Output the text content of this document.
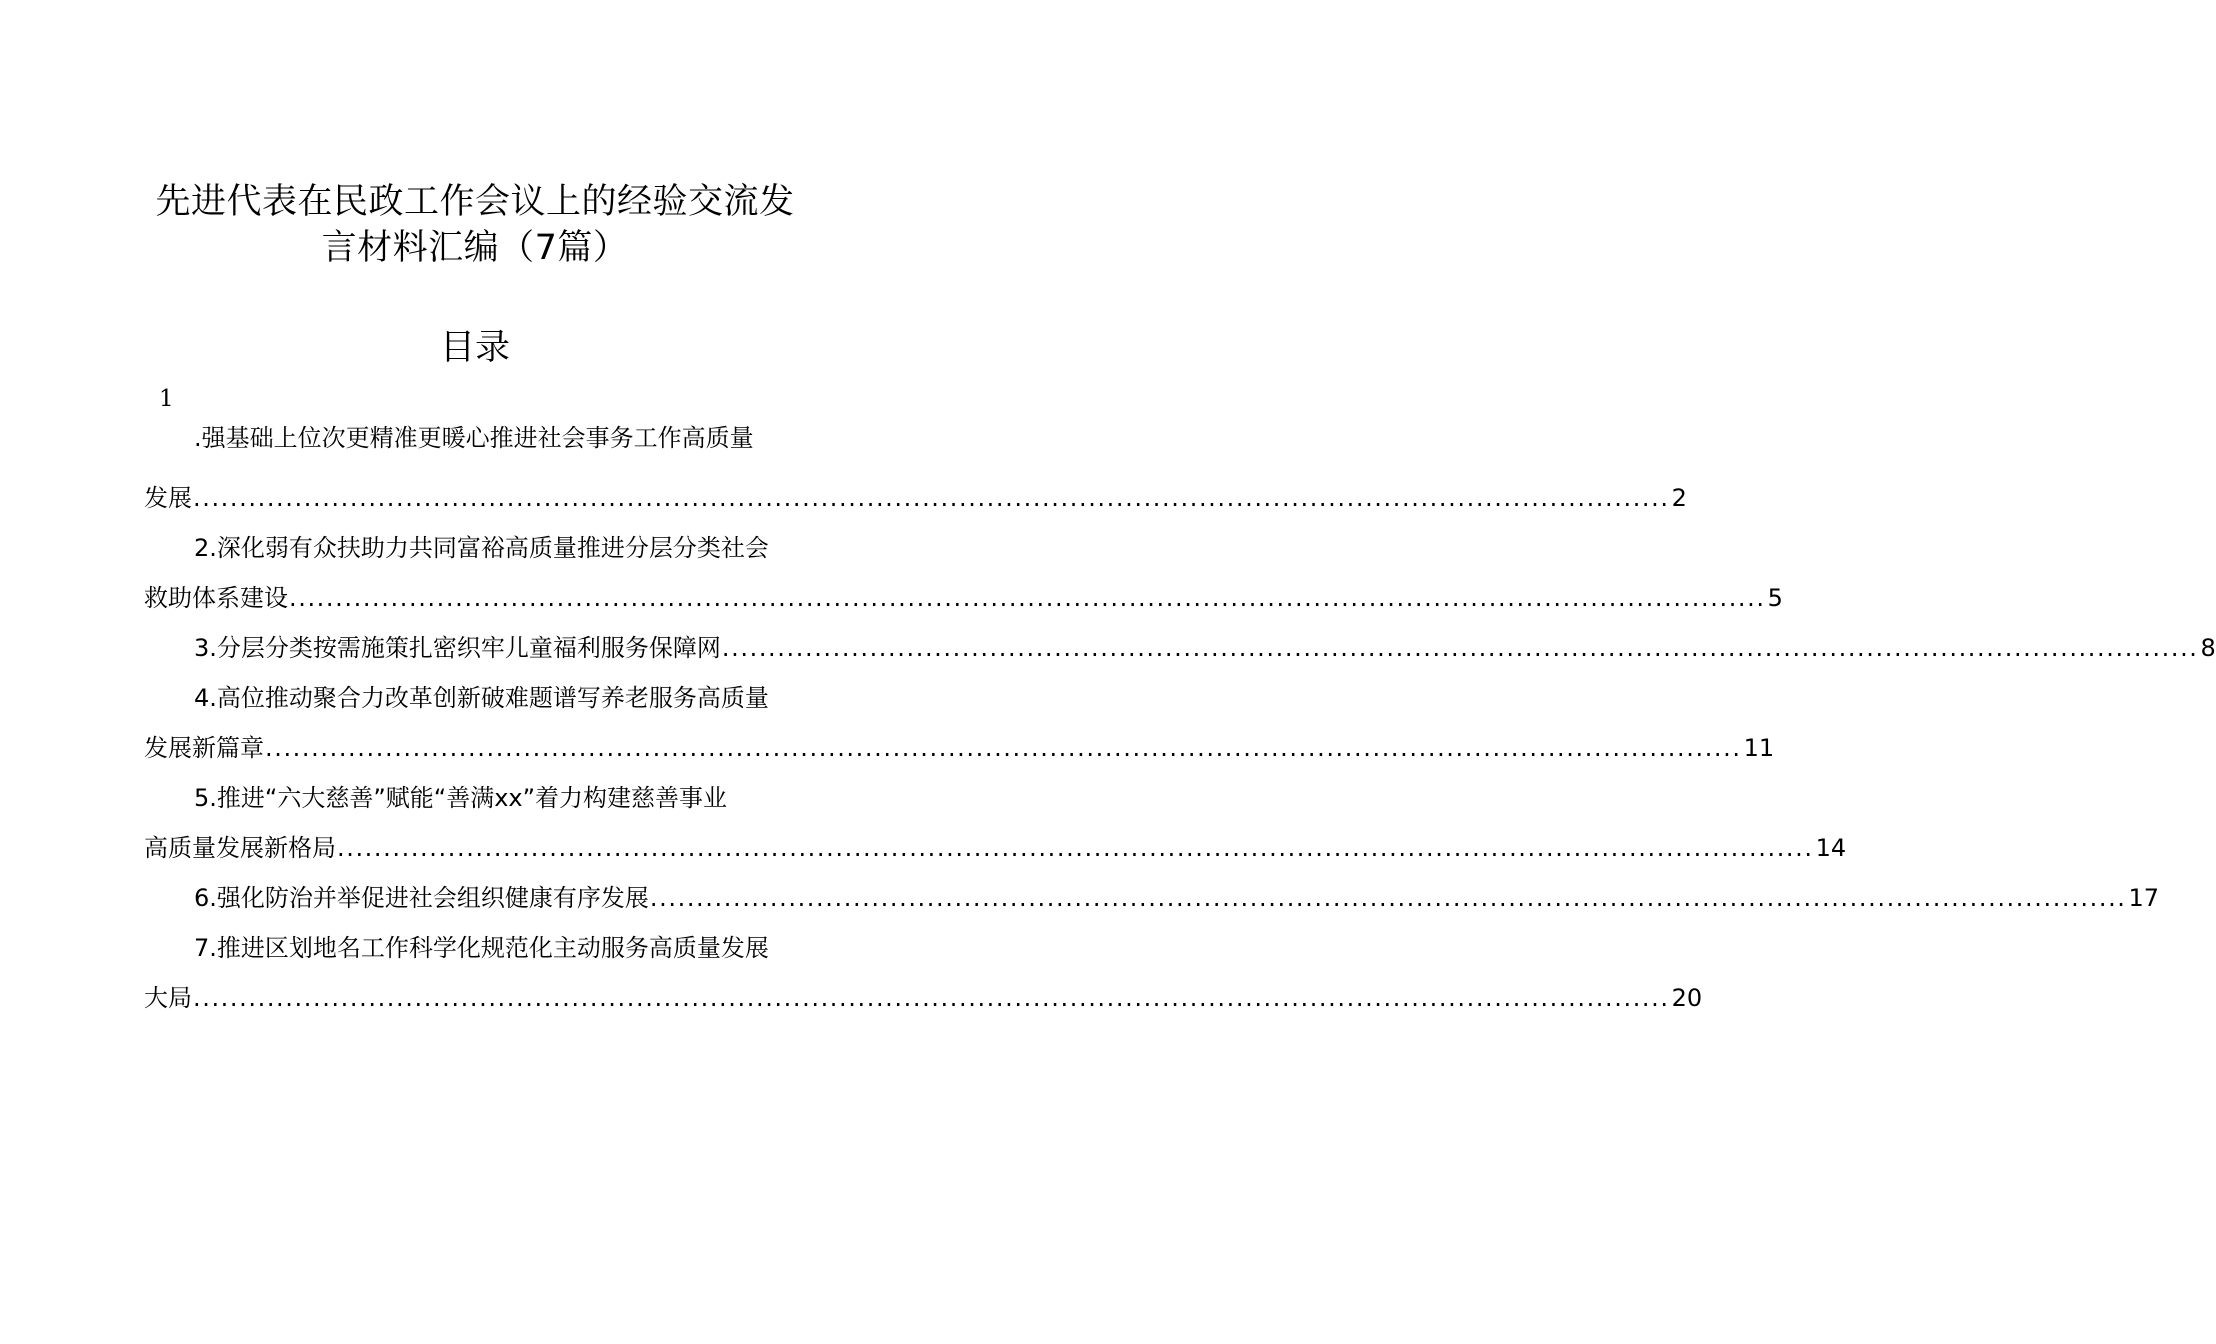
先进代表在民政工作会议上的经验交流发
言材料汇编（7篇）
目录
1
.强基础上位次更精准更暖心推进社会事务工作高质量
发展 ................................................................................................................................................................ 2
2.深化弱有众扶助力共同富裕高质量推进分层分类社会
救助体系建设 ................................................................................................................................................................ 5
3.分层分类按需施策扎密织牢儿童福利服务保障网 ................................................................................................................................................................ 8
4.高位推动聚合力改革创新破难题谱写养老服务高质量
发展新篇章 ................................................................................................................................................................ 11
5.推进“六大慈善”赋能“善满xx”着力构建慈善事业
高质量发展新格局 ................................................................................................................................................................ 14
6.强化防治并举促进社会组织健康有序发展 ................................................................................................................................................................ 17
7.推进区划地名工作科学化规范化主动服务高质量发展
大局 ................................................................................................................................................................ 20
